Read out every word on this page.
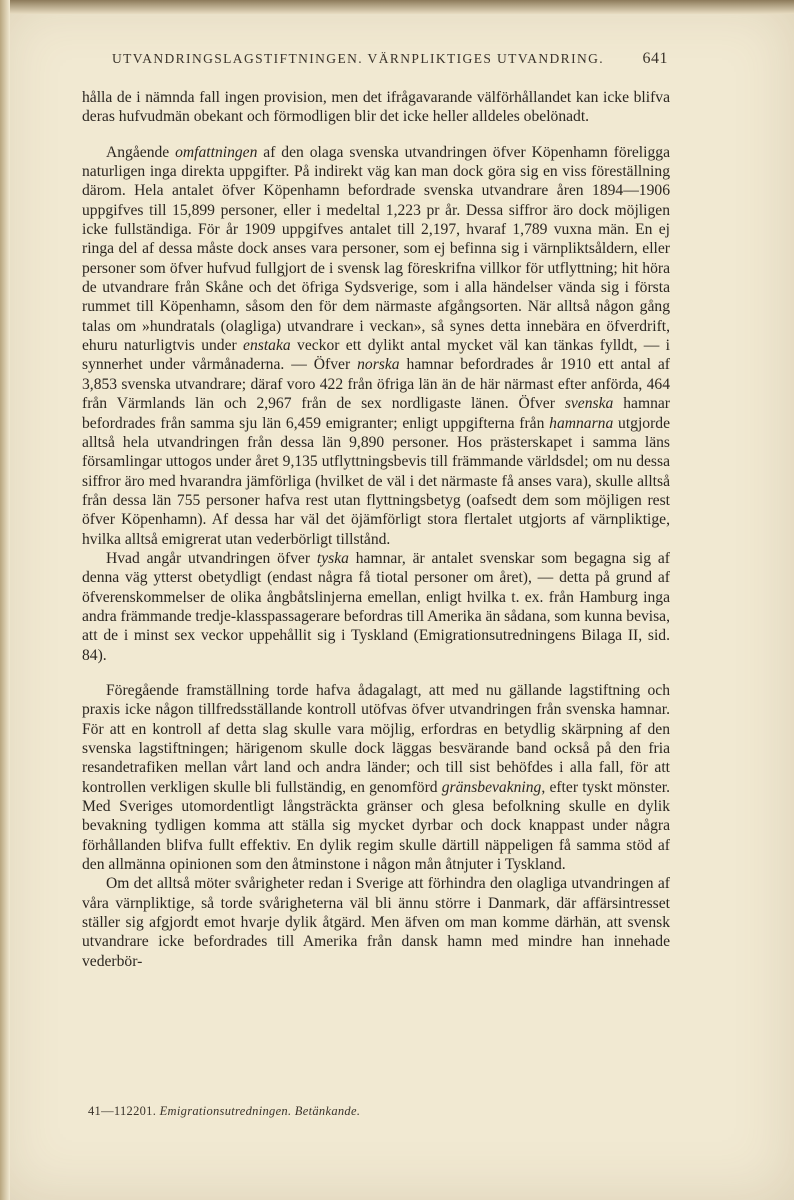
UTVANDRINGSLAGSTIFTNINGEN. VÄRNPLIKTIGES UTVANDRING. 641

hålla de i nämnda fall ingen provision, men det ifrågavarande välförhållandet kan icke blifva deras hufvudmän obekant och förmodligen blir det icke heller alldeles obelönadt.

Angående omfattningen af den olaga svenska utvandringen öfver Köpenhamn föreligga naturligen inga direkta uppgifter. På indirekt väg kan man dock göra sig en viss föreställning därom. Hela antalet öfver Köpenhamn befordrade svenska utvandrare åren 1894—1906 uppgifves till 15,899 personer, eller i medeltal 1,223 pr år. Dessa siffror äro dock möjligen icke fullständiga. För år 1909 uppgifves antalet till 2,197, hvaraf 1,789 vuxna män. En ej ringa del af dessa måste dock anses vara personer, som ej befinna sig i värnpliktsåldern, eller personer som öfver hufvud fullgjort de i svensk lag föreskrifna villkor för utflyttning; hit höra de utvandrare från Skåne och det öfriga Sydsverige, som i alla händelser vända sig i första rummet till Köpenhamn, såsom den för dem närmaste afgångsorten. När alltså någon gång talas om »hundratals (olagliga) utvandrare i veckan», så synes detta innebära en öfverdrift, ehuru naturligtvis under enstaka veckor ett dylikt antal mycket väl kan tänkas fylldt, — i synnerhet under vårmånaderna. — Öfver norska hamnar befordrades år 1910 ett antal af 3,853 svenska utvandrare; däraf voro 422 från öfriga län än de här närmast efter anförda, 464 från Värmlands län och 2,967 från de sex nordligaste länen. Öfver svenska hamnar befordrades från samma sju län 6,459 emigranter; enligt uppgifterna från hamnarna utgjorde alltså hela utvandringen från dessa län 9,890 personer. Hos prästerskapet i samma läns församlingar uttogos under året 9,135 utflyttningsbevis till främmande världsdel; om nu dessa siffror äro med hvarandra jämförliga (hvilket de väl i det närmaste få anses vara), skulle alltså från dessa län 755 personer hafva rest utan flyttningsbetyg (oafsedt dem som möjligen rest öfver Köpenhamn). Af dessa har väl det öjämförligt stora flertalet utgjorts af värnpliktige, hvilka alltså emigrerat utan vederbörligt tillstånd.

Hvad angår utvandringen öfver tyska hamnar, är antalet svenskar som begagna sig af denna väg ytterst obetydligt (endast några få tiotal personer om året), — detta på grund af öfverenskommelser de olika ångbåtslinjerna emellan, enligt hvilka t. ex. från Hamburg inga andra främmande tredje-klasspassagerare befordras till Amerika än sådana, som kunna bevisa, att de i minst sex veckor uppehållit sig i Tyskland (Emigrationsutredningens Bilaga II, sid. 84).

Föregående framställning torde hafva ådagalagt, att med nu gällande lagstiftning och praxis icke någon tillfredsställande kontroll utöfvas öfver utvandringen från svenska hamnar. För att en kontroll af detta slag skulle vara möjlig, erfordras en betydlig skärpning af den svenska lagstiftningen; härigenom skulle dock läggas besvärande band också på den fria resandetrafiken mellan vårt land och andra länder; och till sist behöfdes i alla fall, för att kontrollen verkligen skulle bli fullständig, en genomförd gränsbevakning, efter tyskt mönster. Med Sveriges utomordentligt långsträckta gränser och glesa befolkning skulle en dylik bevakning tydligen komma att ställa sig mycket dyrbar och dock knappast under några förhållanden blifva fullt effektiv. En dylik regim skulle därtill näppeligen få samma stöd af den allmänna opinionen som den åtminstone i någon mån åtnjuter i Tyskland.

Om det alltså möter svårigheter redan i Sverige att förhindra den olagliga utvandringen af våra värnpliktige, så torde svårigheterna väl bli ännu större i Danmark, där affärsintresset ställer sig afgjordt emot hvarje dylik åtgärd. Men äfven om man komme därhän, att svensk utvandrare icke befordrades till Amerika från dansk hamn med mindre han innehade vederbör-

41—112201. Emigrationsutredningen. Betänkande.
